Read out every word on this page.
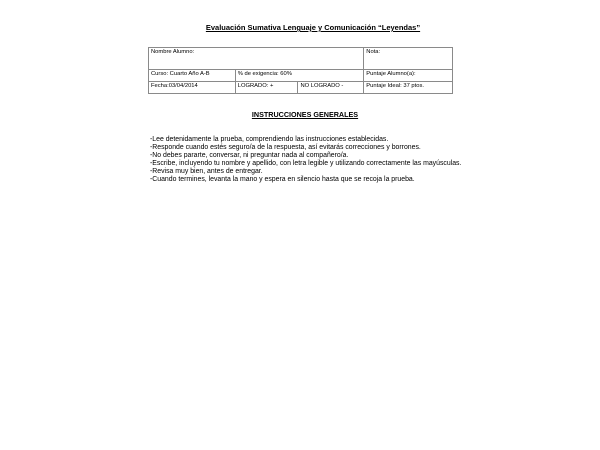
Evaluación Sumativa Lenguaje y Comunicación “Leyendas”
Nombre Alumno:			Nota:
Curso: Cuarto Año A-B	% de exigencia: 60%		Puntaje Alumno(a):
Fecha:03/04/2014	LOGRADO: +	NO LOGRADO -	Puntaje Ideal: 37 ptos.
INSTRUCCIONES GENERALES
-Lee detenidamente la prueba, comprendiendo las instrucciones establecidas.
-Responde cuando estés seguro/a de la respuesta, así evitarás correcciones y borrones.
-No debes pararte, conversar, ni preguntar nada al compañero/a.
-Escribe, incluyendo tu nombre y apellido, con letra legible y utilizando correctamente las mayúsculas.
-Revisa muy bien, antes de entregar.
-Cuando termines, levanta la mano y espera en silencio hasta que se recoja la prueba.
